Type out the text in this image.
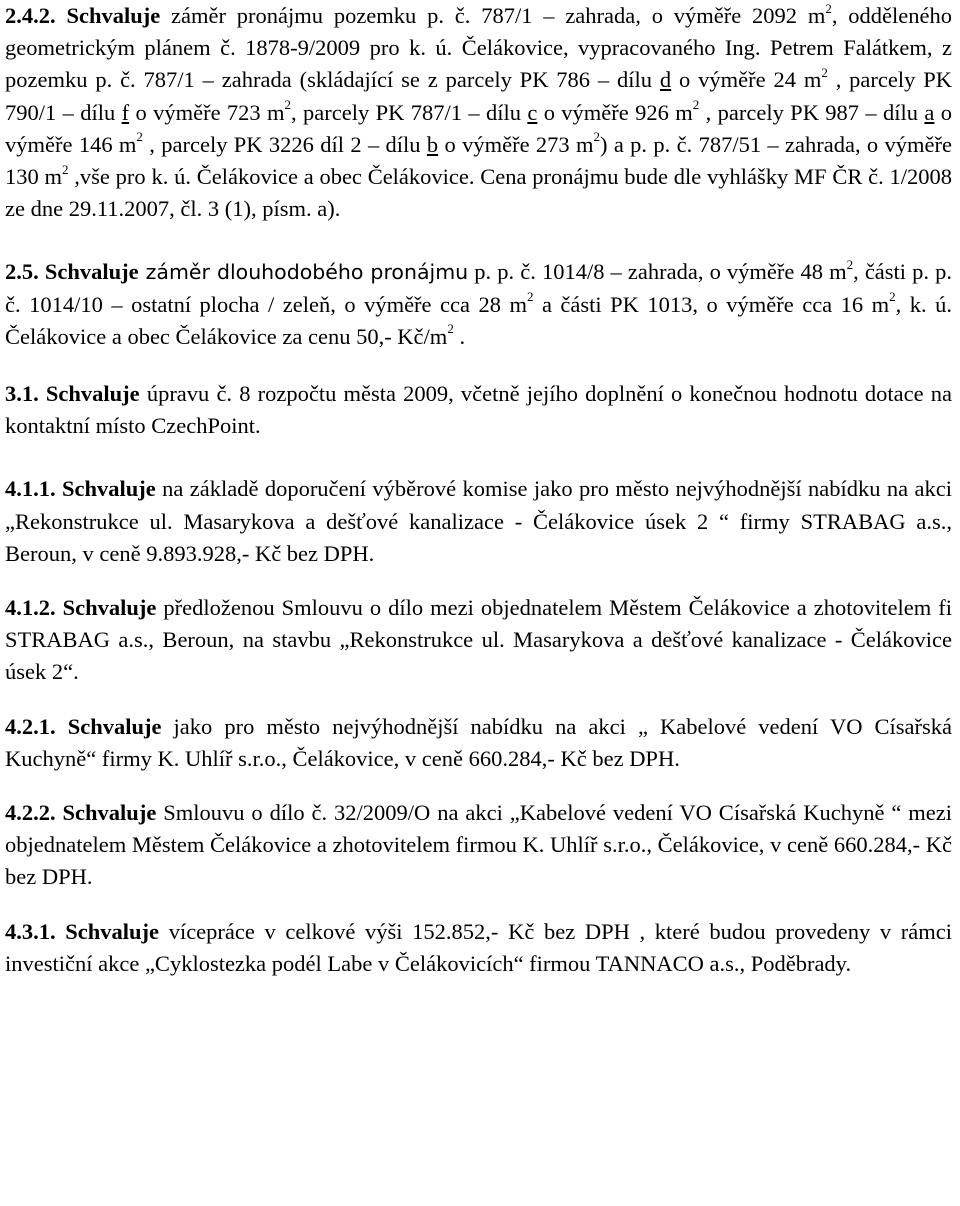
2.4.2. Schvaluje záměr pronájmu pozemku p. č. 787/1 – zahrada, o výměře 2092 $m^2$, odděleného geometrickým plánem č. 1878-9/2009 pro k. ú. Čelákovice, vypracovaného Ing. Petrem Falátkem, z pozemku p. č. 787/1 – zahrada (skládající se z parcely PK 786 – dílu d o výměře 24 $m^2$ , parcely PK 790/1 – dílu f o výměře 723 $m^2$, parcely PK 787/1 – dílu c o výměře 926 $m^2$ , parcely PK 987 – dílu a o výměře 146 $m^2$ , parcely PK 3226 díl 2 – dílu b o výměře 273 $m^2$) a p. p. č. 787/51 – zahrada, o výměře 130 $m^2$ ,vše pro k. ú. Čelákovice a obec Čelákovice. Cena pronájmu bude dle vyhlášky MF ČR č. 1/2008 ze dne 29.11.2007, čl. 3 (1), písm. a).

2.5. Schvaluje záměr dlouhodobého pronájmu p. p. č. 1014/8 – zahrada, o výměře 48 $m^2$, části p. p. č. 1014/10 – ostatní plocha / zeleň, o výměře cca 28 $m^2$ a části PK 1013, o výměře cca 16 $m^2$, k. ú. Čelákovice a obec Čelákovice za cenu 50,- $Kč/m^2$ .

3.1. Schvaluje úpravu č. 8 rozpočtu města 2009, včetně jejího doplnění o konečnou hodnotu dotace na kontaktní místo CzechPoint.

4.1.1. Schvaluje na základě doporučení výběrové komise jako pro město nejvýhodnější nabídku na akci „Rekonstrukce ul. Masarykova a dešťové kanalizace - Čelákovice úsek 2 “ firmy STRABAG a.s., Beroun, v ceně 9.893.928,- Kč bez DPH.

4.1.2. Schvaluje předloženou Smlouvu o dílo mezi objednatelem Městem Čelákovice a zhotovitelem fi STRABAG a.s., Beroun, na stavbu „Rekonstrukce ul. Masarykova a dešťové kanalizace - Čelákovice úsek 2“.

4.2.1. Schvaluje jako pro město nejvýhodnější nabídku na akci „ Kabelové vedení VO Císařská Kuchyně“ firmy K. Uhlíř s.r.o., Čelákovice, v ceně 660.284,- Kč bez DPH.

4.2.2. Schvaluje Smlouvu o dílo č. 32/2009/O na akci „Kabelové vedení VO Císařská Kuchyně “ mezi objednatelem Městem Čelákovice a zhotovitelem firmou K. Uhlíř s.r.o., Čelákovice, v ceně 660.284,- Kč bez DPH.

4.3.1. Schvaluje vícepráce v celkové výši 152.852,- Kč bez DPH , které budou provedeny v rámci investiční akce „Cyklostezka podél Labe v Čelákovicích“ firmou TANNACO a.s., Poděbrady.
